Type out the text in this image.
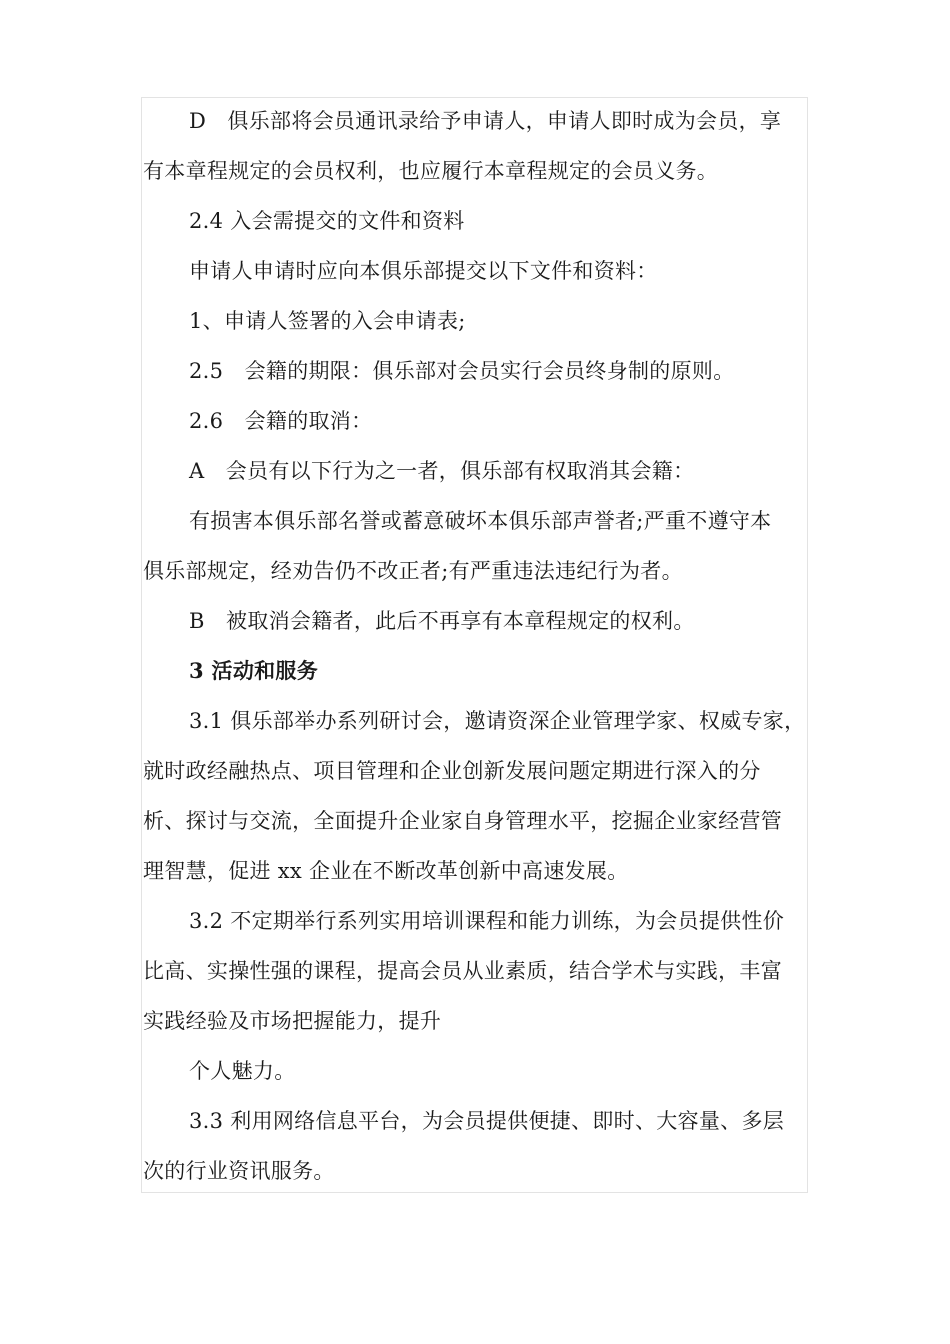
D　俱乐部将会员通讯录给予申请人，申请人即时成为会员，享
有本章程规定的会员权利，也应履行本章程规定的会员义务。
2.4 入会需提交的文件和资料
申请人申请时应向本俱乐部提交以下文件和资料：
1、申请人签署的入会申请表;
2.5　会籍的期限：俱乐部对会员实行会员终身制的原则。
2.6　会籍的取消：
A　会员有以下行为之一者，俱乐部有权取消其会籍：
有损害本俱乐部名誉或蓄意破坏本俱乐部声誉者;严重不遵守本
俱乐部规定，经劝告仍不改正者;有严重违法违纪行为者。
B　被取消会籍者，此后不再享有本章程规定的权利。
3 活动和服务
3.1 俱乐部举办系列研讨会，邀请资深企业管理学家、权威专家，
就时政经融热点、项目管理和企业创新发展问题定期进行深入的分
析、探讨与交流，全面提升企业家自身管理水平，挖掘企业家经营管
理智慧，促进 xx 企业在不断改革创新中高速发展。
3.2 不定期举行系列实用培训课程和能力训练，为会员提供性价
比高、实操性强的课程，提高会员从业素质，结合学术与实践，丰富
实践经验及市场把握能力，提升
个人魅力。
3.3 利用网络信息平台，为会员提供便捷、即时、大容量、多层
次的行业资讯服务。
